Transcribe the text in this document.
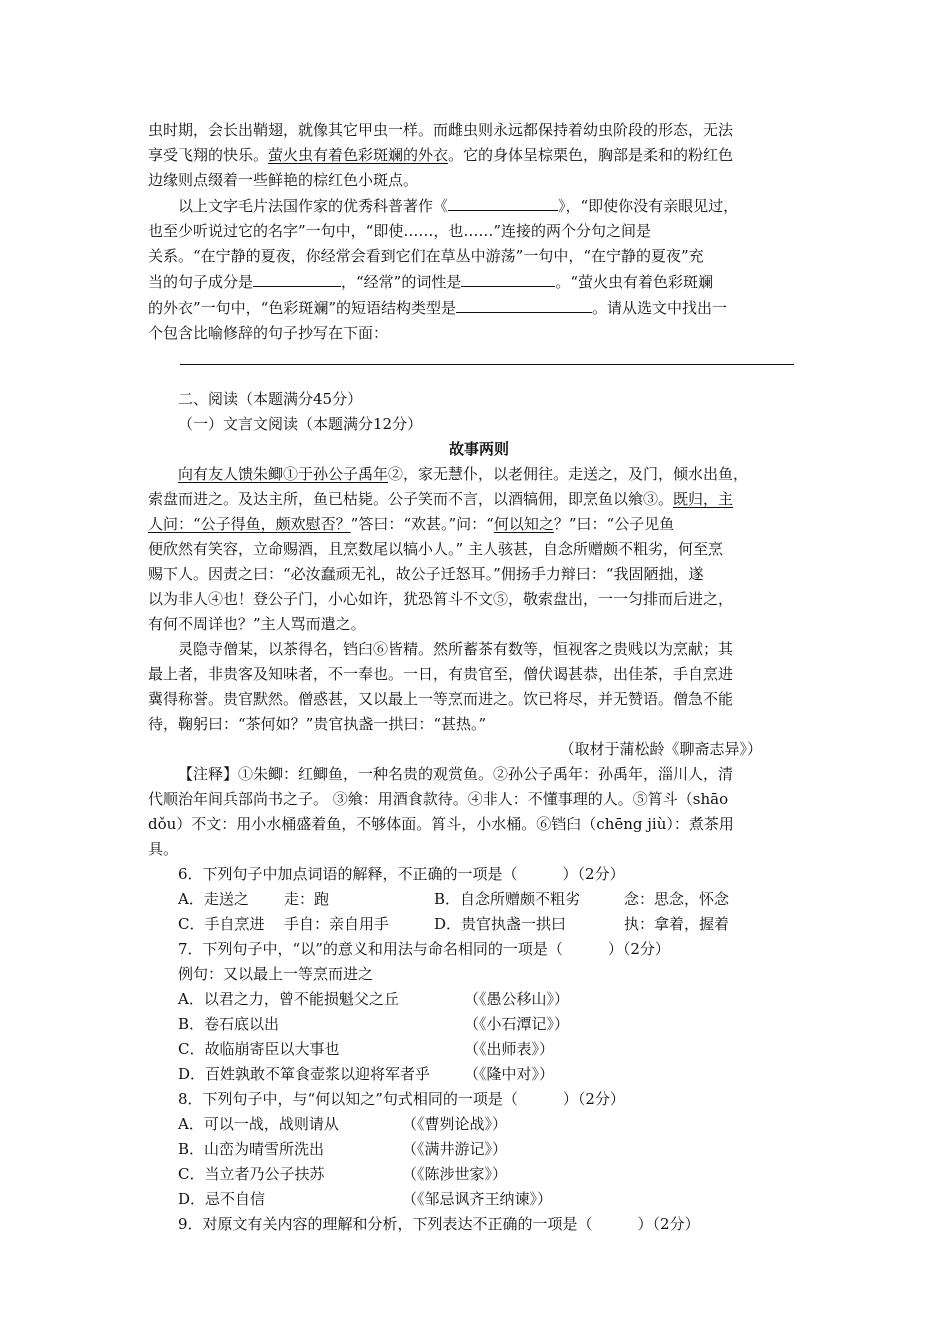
虫时期，会长出鞘翅，就像其它甲虫一样。而雌虫则永远都保持着幼虫阶段的形态，无法

享受飞翔的快乐。萤火虫有着色彩斑斓的外衣。它的身体呈棕栗色，胸部是柔和的粉红色

边缘则点缀着一些鲜艳的棕红色小斑点。

以上文字毛片法国作家的优秀科普著作《	》，“即使你没有亲眼见过，

也至少听说过它的名字”一句中，“即使……，也……”连接的两个分句之间是

关系。“在宁静的夏夜，你经常会看到它们在草丛中游荡”一句中，“在宁静的夏夜”充

当的句子成分是	，“经常”的词性是	。“萤火虫有着色彩斑斓

的外衣”一句中，“色彩斑斓”的短语结构类型是	。请从选文中找出一

个包含比喻修辞的句子抄写在下面：

二、阅读（本题满分45分）

（一）文言文阅读（本题满分12分）

故事两则

向有友人馈朱鲫①于孙公子禹年②，家无慧仆，以老佣往。走送之，及门，倾水出鱼，

索盘而进之。及达主所，鱼已枯毙。公子笑而不言，以酒犒佣，即烹鱼以飨③。既归，主

人问：“公子得鱼，颇欢慰否？”答曰：“欢甚。”问：“何以知之？”曰：“公子见鱼

便欣然有笑容，立命赐酒，且烹数尾以犒小人。” 主人骇甚，自念所赠颇不粗劣，何至烹

赐下人。因责之曰：“必汝蠢顽无礼，故公子迁怒耳。”佣扬手力辩曰：“我固陋拙，遂

以为非人④也！登公子门，小心如许，犹恐筲斗不文⑤，敬索盘出，一一匀排而后进之，

有何不周详也？”主人骂而遣之。

灵隐寺僧某，以茶得名，铛臼⑥皆精。然所蓄茶有数等，恒视客之贵贱以为烹献；其

最上者，非贵客及知味者，不一奉也。一日，有贵官至，僧伏谒甚恭，出佳茶，手自烹进

冀得称誉。贵官默然。僧惑甚，又以最上一等烹而进之。饮已将尽，并无赞语。僧急不能

待，鞠躬曰：“茶何如？”贵官执盏一拱曰：“甚热。”

（取材于蒲松龄《聊斋志异》）

【注释】①朱鲫：红鲫鱼，一种名贵的观赏鱼。②孙公子禹年：孙禹年，淄川人，清

代顺治年间兵部尚书之子。 ③飨：用酒食款待。④非人：不懂事理的人。⑤筲斗（shāo

dǒu）不文：用小水桶盛着鱼，不够体面。筲斗，小水桶。⑥铛臼（chēng jiù）：煮茶用

具。

6．下列句子中加点词语的解释，不正确的一项是（　　　）（2分）

A．走送之 走：跑	B．自念所赠颇不粗劣	念：思念，怀念

C．手自烹进 手自：亲自用手	D．贵官执盏一拱曰	执：拿着，握着

7．下列句子中，“以”的意义和用法与命名相同的一项是（　　　）（2分）

例句：又以最上一等烹而进之

A．以君之力，曾不能损魁父之丘	（《愚公移山》）

B．卷石底以出	（《小石潭记》）

C．故临崩寄臣以大事也	（《出师表》）

D．百姓孰敢不箪食壶浆以迎将军者乎 （《隆中对》）

8．下列句子中，与“何以知之”句式相同的一项是（　　　）（2分）

A．可以一战，战则请从	（《曹刿论战》）

B．山峦为晴雪所洗出	（《满井游记》）

C．当立者乃公子扶苏	（《陈涉世家》）

D．忌不自信	（《邹忌讽齐王纳谏》）

9．对原文有关内容的理解和分析，下列表达不正确的一项是（　　　）（2分）
